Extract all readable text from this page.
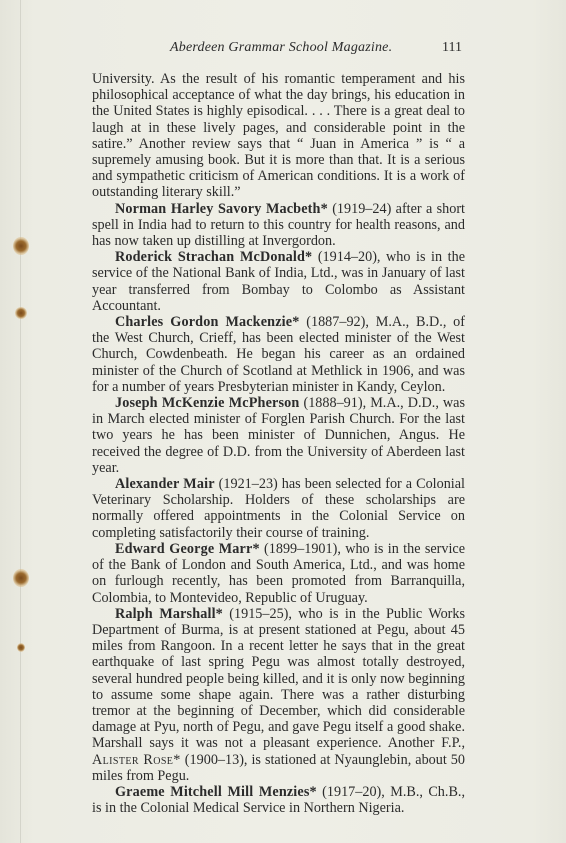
Aberdeen Grammar School Magazine.	111

University. As the result of his romantic temperament and his philosophical acceptance of what the day brings, his education in the United States is highly episodical. . . . There is a great deal to laugh at in these lively pages, and considerable point in the satire.” Another review says that “ Juan in America ” is “ a supremely amusing book. But it is more than that. It is a serious and sympathetic criticism of American conditions. It is a work of outstanding literary skill.”

Norman Harley Savory Macbeth* (1919–24) after a short spell in India had to return to this country for health reasons, and has now taken up distilling at Invergordon.

Roderick Strachan McDonald* (1914–20), who is in the service of the National Bank of India, Ltd., was in January of last year transferred from Bombay to Colombo as Assistant Accountant.

Charles Gordon Mackenzie* (1887–92), M.A., B.D., of the West Church, Crieff, has been elected minister of the West Church, Cowdenbeath. He began his career as an ordained minister of the Church of Scotland at Methlick in 1906, and was for a number of years Presbyterian minister in Kandy, Ceylon.

Joseph McKenzie McPherson (1888–91), M.A., D.D., was in March elected minister of Forglen Parish Church. For the last two years he has been minister of Dunnichen, Angus. He received the degree of D.D. from the University of Aberdeen last year.

Alexander Mair (1921–23) has been selected for a Colonial Veterinary Scholarship. Holders of these scholarships are normally offered appointments in the Colonial Service on completing satisfactorily their course of training.

Edward George Marr* (1899–1901), who is in the service of the Bank of London and South America, Ltd., and was home on furlough recently, has been promoted from Barranquilla, Colombia, to Montevideo, Republic of Uruguay.

Ralph Marshall* (1915–25), who is in the Public Works Department of Burma, is at present stationed at Pegu, about 45 miles from Rangoon. In a recent letter he says that in the great earthquake of last spring Pegu was almost totally destroyed, several hundred people being killed, and it is only now beginning to assume some shape again. There was a rather disturbing tremor at the beginning of December, which did considerable damage at Pyu, north of Pegu, and gave Pegu itself a good shake. Marshall says it was not a pleasant experience. Another F.P., Alister Rose* (1900–13), is stationed at Nyaunglebin, about 50 miles from Pegu.

Graeme Mitchell Mill Menzies* (1917–20), M.B., Ch.B., is in the Colonial Medical Service in Northern Nigeria.
